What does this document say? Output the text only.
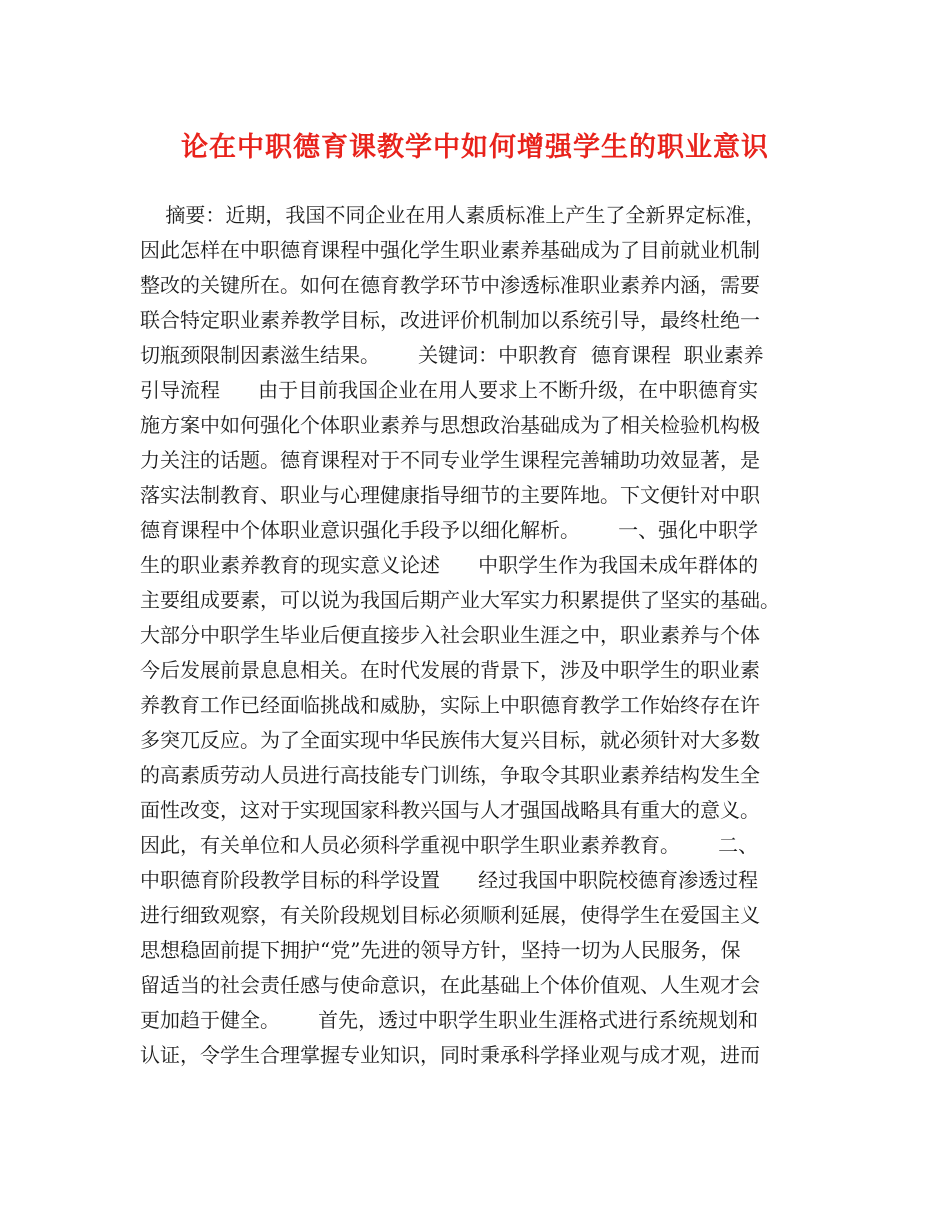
论在中职德育课教学中如何增强学生的职业意识
摘要：近期，我国不同企业在用人素质标准上产生了全新界定标准，
因此怎样在中职德育课程中强化学生职业素养基础成为了目前就业机制
整改的关键所在。如何在德育教学环节中渗透标准职业素养内涵，需要
联合特定职业素养教学目标，改进评价机制加以系统引导，最终杜绝一
切瓶颈限制因素滋生结果。      关键词：中职教育  德育课程  职业素养
引导流程      由于目前我国企业在用人要求上不断升级，在中职德育实
施方案中如何强化个体职业素养与思想政治基础成为了相关检验机构极
力关注的话题。德育课程对于不同专业学生课程完善辅助功效显著，是
落实法制教育、职业与心理健康指导细节的主要阵地。下文便针对中职
德育课程中个体职业意识强化手段予以细化解析。      一、强化中职学
生的职业素养教育的现实意义论述      中职学生作为我国未成年群体的
主要组成要素，可以说为我国后期产业大军实力积累提供了坚实的基础。
大部分中职学生毕业后便直接步入社会职业生涯之中，职业素养与个体
今后发展前景息息相关。在时代发展的背景下，涉及中职学生的职业素
养教育工作已经面临挑战和威胁，实际上中职德育教学工作始终存在许
多突兀反应。为了全面实现中华民族伟大复兴目标，就必须针对大多数
的高素质劳动人员进行高技能专门训练，争取令其职业素养结构发生全
面性改变，这对于实现国家科教兴国与人才强国战略具有重大的意义。
因此，有关单位和人员必须科学重视中职学生职业素养教育。      二、
中职德育阶段教学目标的科学设置      经过我国中职院校德育渗透过程
进行细致观察，有关阶段规划目标必须顺利延展，使得学生在爱国主义
思想稳固前提下拥护“党”先进的领导方针，坚持一切为人民服务，保
留适当的社会责任感与使命意识，在此基础上个体价值观、人生观才会
更加趋于健全。      首先，透过中职学生职业生涯格式进行系统规划和
认证，令学生合理掌握专业知识，同时秉承科学择业观与成才观，进而
